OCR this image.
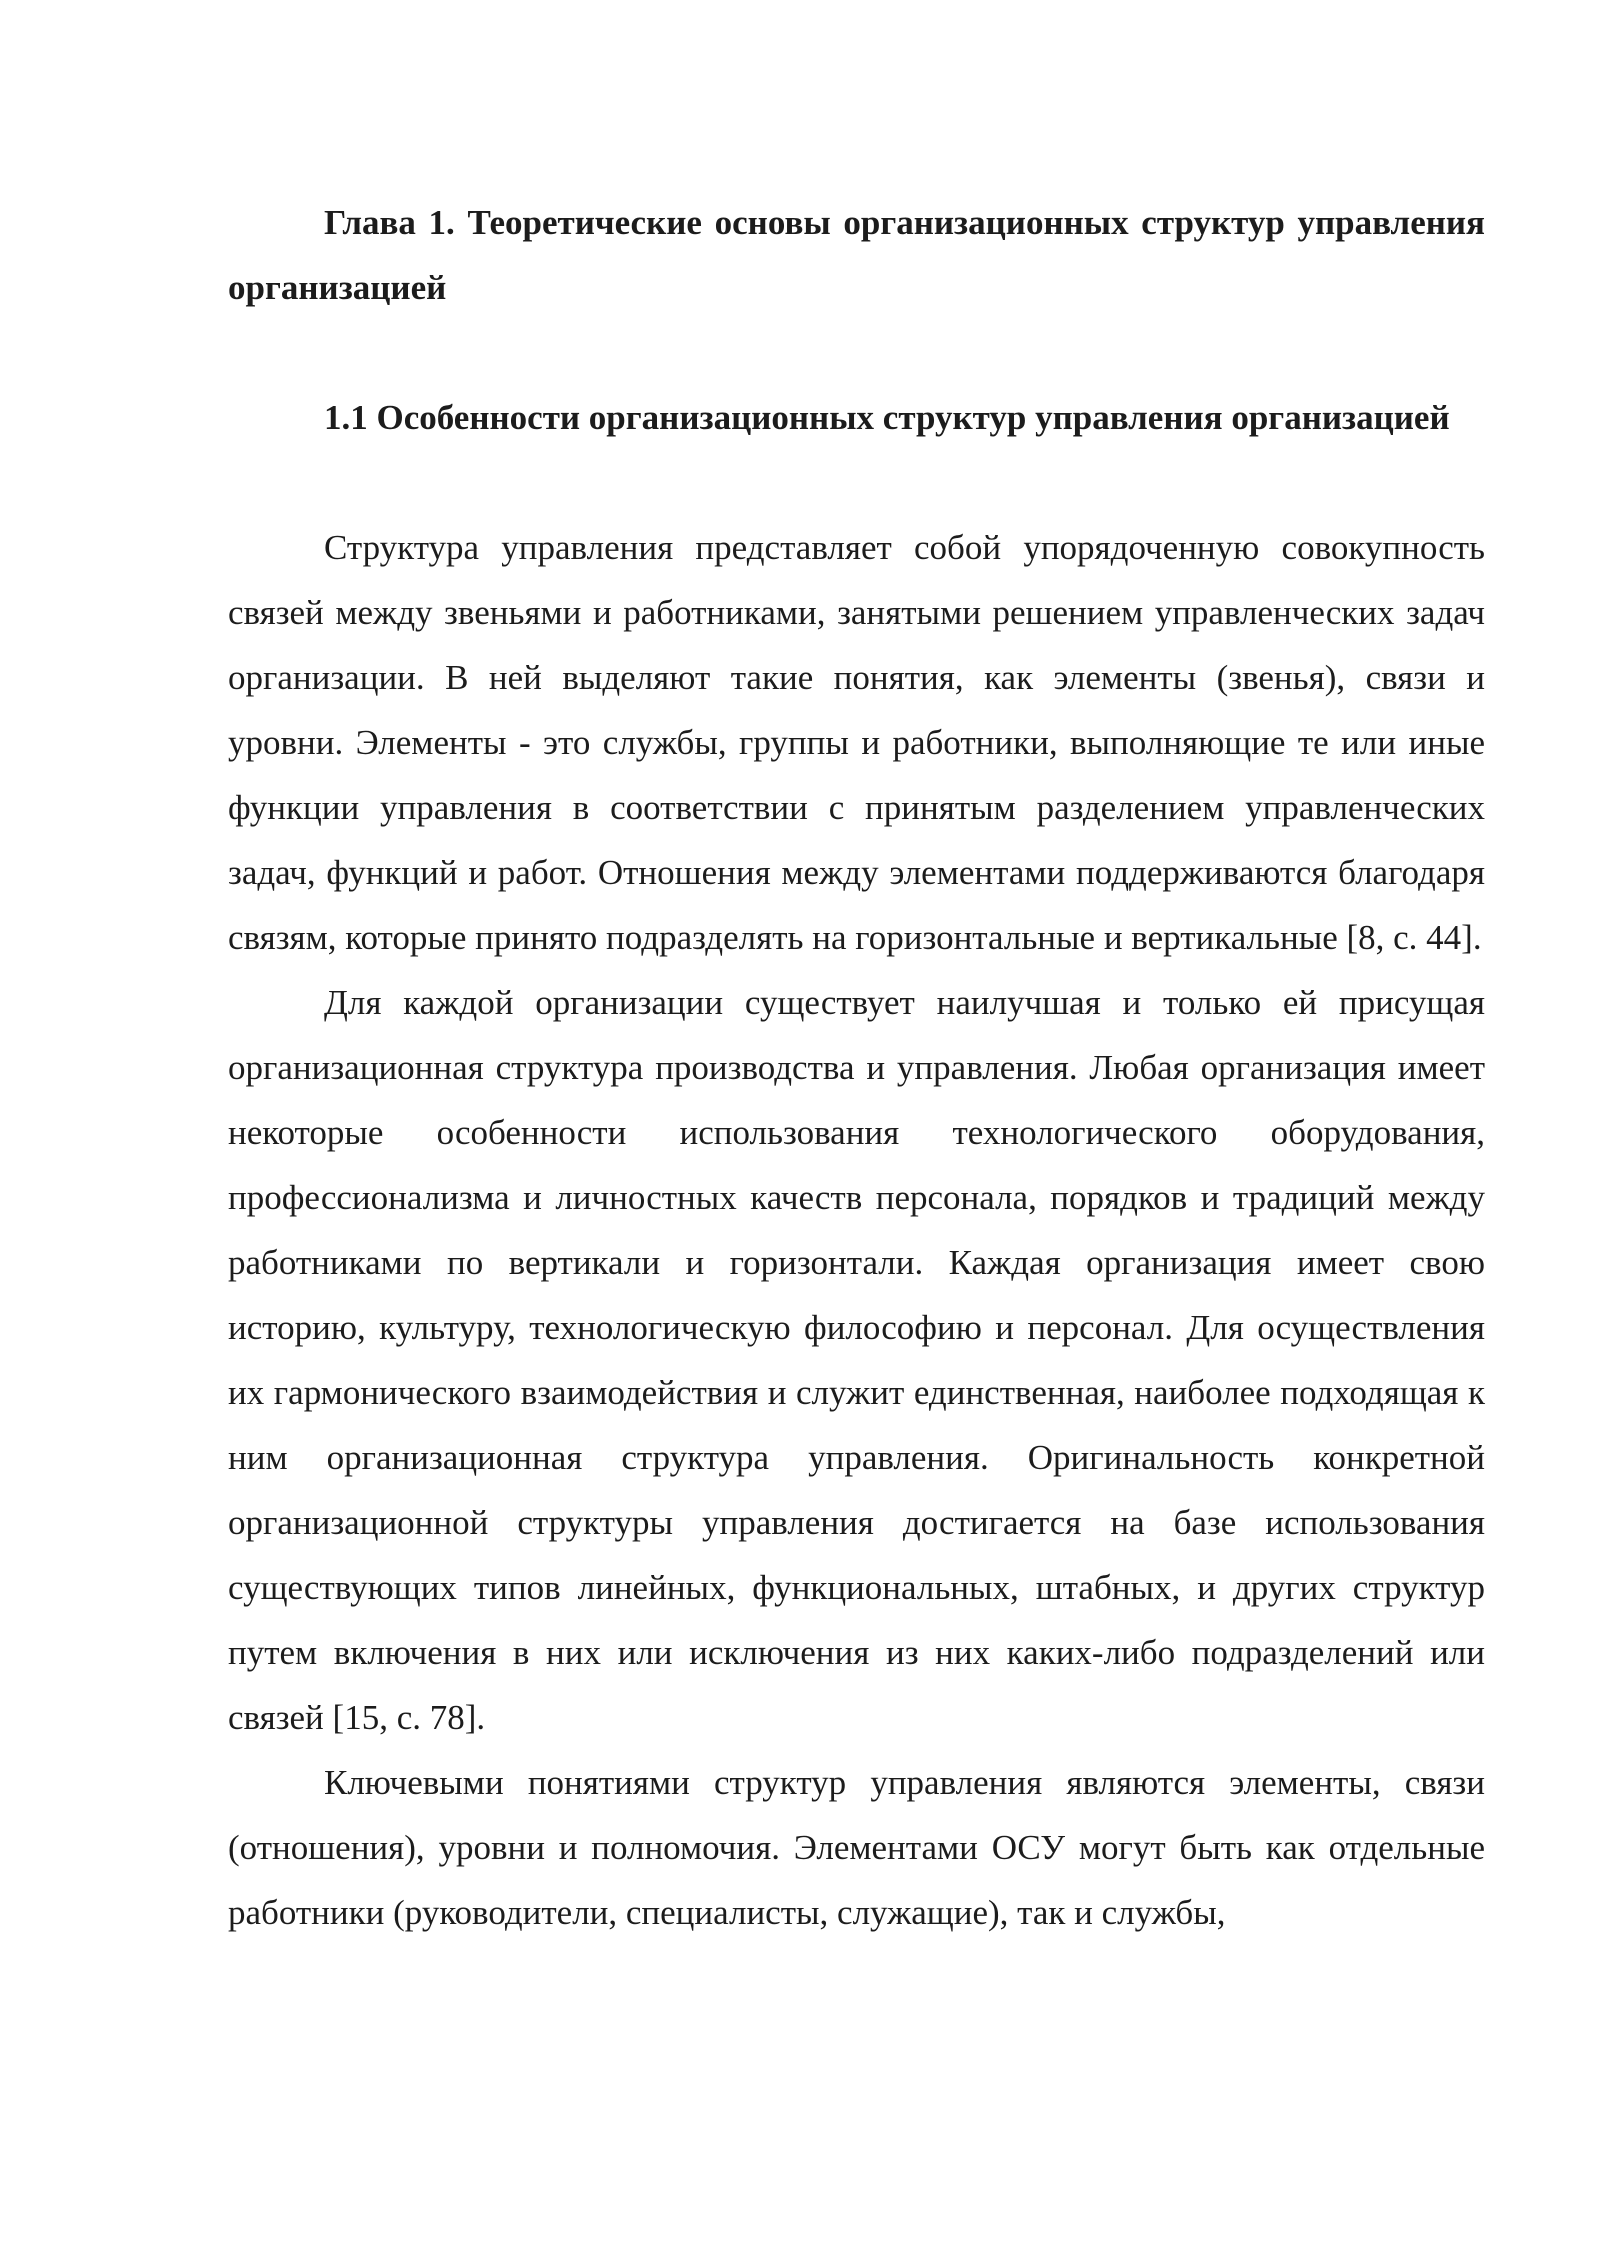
Глава 1. Теоретические основы организационных структур управления организацией

1.1 Особенности организационных структур управления организацией

Структура управления представляет собой упорядоченную совокупность связей между звеньями и работниками, занятыми решением управленческих задач организации. В ней выделяют такие понятия, как элементы (звенья), связи и уровни. Элементы - это службы, группы и работники, выполняющие те или иные функции управления в соответствии с принятым разделением управленческих задач, функций и работ. Отношения между элементами поддерживаются благодаря связям, которые принято подразделять на горизонтальные и вертикальные [8, с. 44].

Для каждой организации существует наилучшая и только ей присущая организационная структура производства и управления. Любая организация имеет некоторые особенности использования технологического оборудования, профессионализма и личностных качеств персонала, порядков и традиций между работниками по вертикали и горизонтали. Каждая организация имеет свою историю, культуру, технологическую философию и персонал. Для осуществления их гармонического взаимодействия и служит единственная, наиболее подходящая к ним организационная структура управления. Оригинальность конкретной организационной структуры управления достигается на базе использования существующих типов линейных, функциональных, штабных, и других структур путем включения в них или исключения из них каких-либо подразделений или связей [15, с. 78].

Ключевыми понятиями структур управления являются элементы, связи (отношения), уровни и полномочия. Элементами ОСУ могут быть как отдельные работники (руководители, специалисты, служащие), так и службы,
